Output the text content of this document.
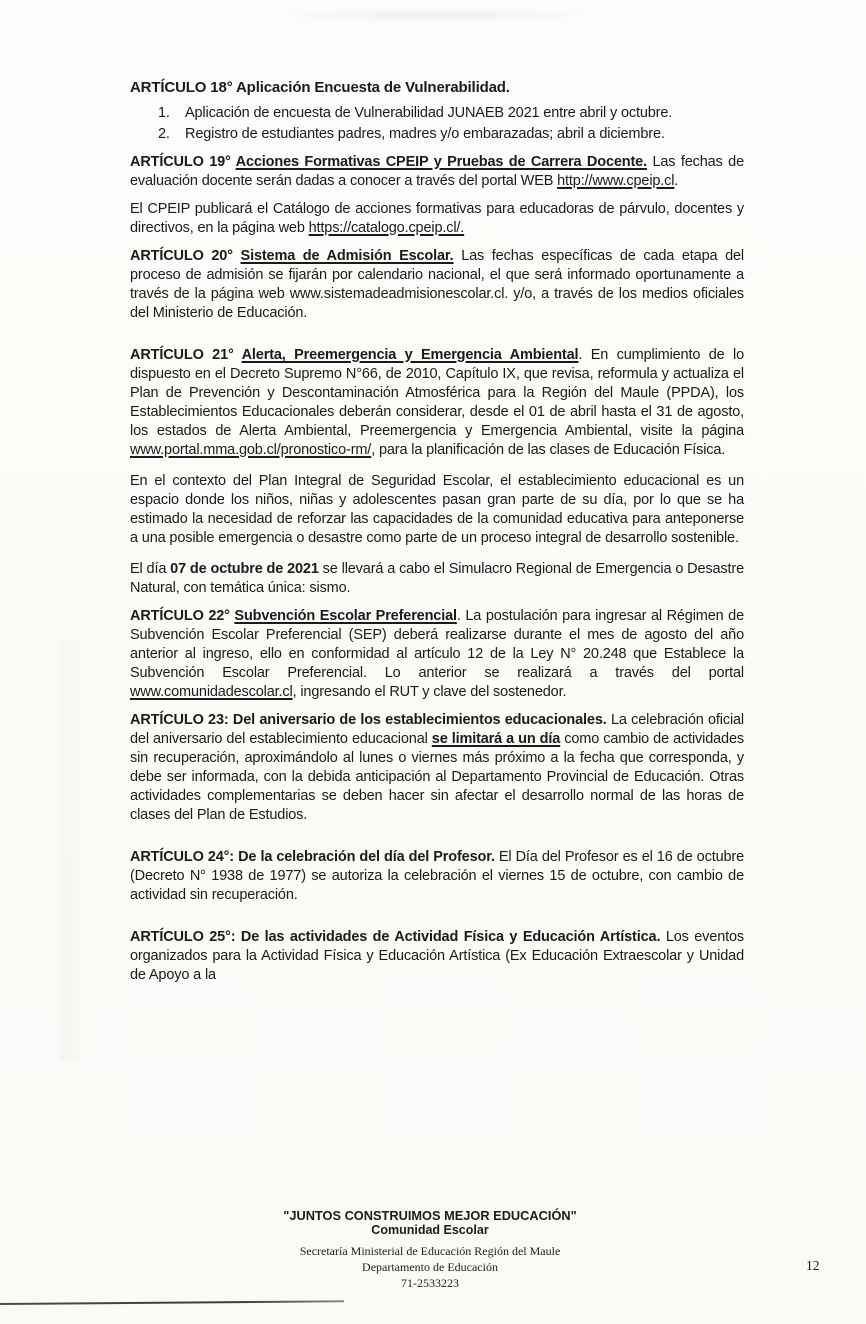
ARTÍCULO 18° Aplicación Encuesta de Vulnerabilidad.

1.	Aplicación de encuesta de Vulnerabilidad JUNAEB 2021 entre abril y octubre.
2.	Registro de estudiantes padres, madres y/o embarazadas; abril a diciembre.

ARTÍCULO 19° Acciones Formativas CPEIP y Pruebas de Carrera Docente. Las fechas de evaluación docente serán dadas a conocer a través del portal WEB http://www.cpeip.cl.

El CPEIP publicará el Catálogo de acciones formativas para educadoras de párvulo, docentes y directivos, en la página web https://catalogo.cpeip.cl/.

ARTÍCULO 20° Sistema de Admisión Escolar. Las fechas específicas de cada etapa del proceso de admisión se fijarán por calendario nacional, el que será informado oportunamente a través de la página web www.sistemadeadmisionescolar.cl. y/o, a través de los medios oficiales del Ministerio de Educación.

ARTÍCULO 21° Alerta, Preemergencia y Emergencia Ambiental. En cumplimiento de lo dispuesto en el Decreto Supremo N°66, de 2010, Capítulo IX, que revisa, reformula y actualiza el Plan de Prevención y Descontaminación Atmosférica para la Región del Maule (PPDA), los Establecimientos Educacionales deberán considerar, desde el 01 de abril hasta el 31 de agosto, los estados de Alerta Ambiental, Preemergencia y Emergencia Ambiental, visite la página www.portal.mma.gob.cl/pronostico-rm/, para la planificación de las clases de Educación Física.

En el contexto del Plan Integral de Seguridad Escolar, el establecimiento educacional es un espacio donde los niños, niñas y adolescentes pasan gran parte de su día, por lo que se ha estimado la necesidad de reforzar las capacidades de la comunidad educativa para anteponerse a una posible emergencia o desastre como parte de un proceso integral de desarrollo sostenible.

El día 07 de octubre de 2021 se llevará a cabo el Simulacro Regional de Emergencia o Desastre Natural, con temática única: sismo.

ARTÍCULO 22° Subvención Escolar Preferencial. La postulación para ingresar al Régimen de Subvención Escolar Preferencial (SEP) deberá realizarse durante el mes de agosto del año anterior al ingreso, ello en conformidad al artículo 12 de la Ley N° 20.248 que Establece la Subvención Escolar Preferencial. Lo anterior se realizará a través del portal www.comunidadescolar.cl, ingresando el RUT y clave del sostenedor.

ARTÍCULO 23: Del aniversario de los establecimientos educacionales. La celebración oficial del aniversario del establecimiento educacional se limitará a un día como cambio de actividades sin recuperación, aproximándolo al lunes o viernes más próximo a la fecha que corresponda, y debe ser informada, con la debida anticipación al Departamento Provincial de Educación. Otras actividades complementarias se deben hacer sin afectar el desarrollo normal de las horas de clases del Plan de Estudios.

ARTÍCULO 24°: De la celebración del día del Profesor. El Día del Profesor es el 16 de octubre (Decreto N° 1938 de 1977) se autoriza la celebración el viernes 15 de octubre, con cambio de actividad sin recuperación.

ARTÍCULO 25°: De las actividades de Actividad Física y Educación Artística. Los eventos organizados para la Actividad Física y Educación Artística (Ex Educación Extraescolar y Unidad de Apoyo a la

"JUNTOS CONSTRUIMOS MEJOR EDUCACIÓN"
Comunidad Escolar
Secretaría Ministerial de Educación Región del Maule
Departamento de Educación
71-2533223
12
